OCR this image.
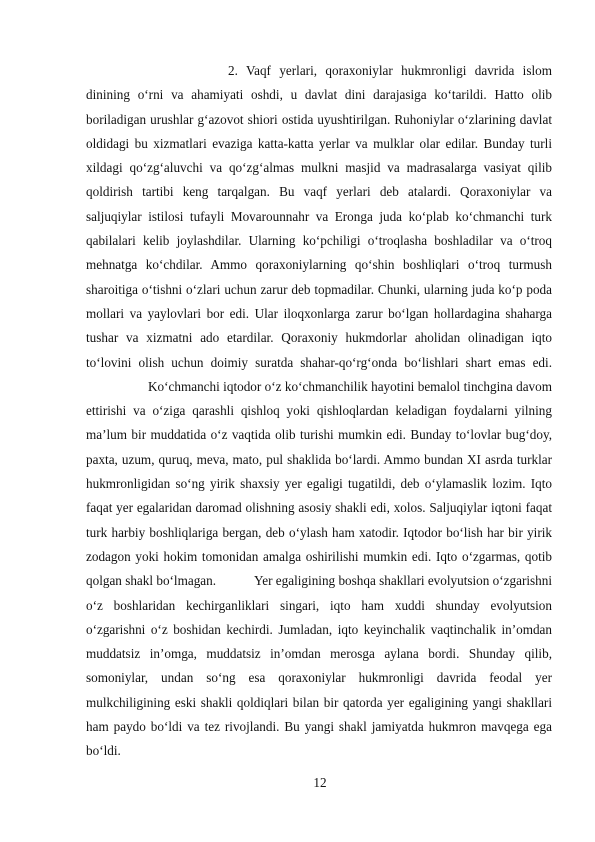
2. Vaqf yerlari, qoraxoniylar hukmronligi davrida islom dinining o‘rni va ahamiyati oshdi, u davlat dini darajasiga ko‘tarildi. Hatto olib boriladigan urushlar g‘azovot shiori ostida uyushtirilgan. Ruhoniylar o‘zlarining davlat oldidagi bu xizmatlari evaziga katta-katta yerlar va mulklar olar edilar. Bunday turli xildagi qo‘zg‘aluvchi va qo‘zg‘almas mulkni masjid va madrasalarga vasiyat qilib qoldirish tartibi keng tarqalgan. Bu vaqf yerlari deb atalardi. Qoraxoniylar va saljuqiylar istilosi tufayli Movarounnahr va Eronga juda ko‘plab ko‘chmanchi turk qabilalari kelib joylashdilar. Ularning ko‘pchiligi o‘troqlasha boshladilar va o‘troq mehnatga ko‘chdilar. Ammo qoraxoniylarning qo‘shin boshliqlari o‘troq turmush sharoitiga o‘tishni o‘zlari uchun zarur deb topmadilar. Chunki, ularning juda ko‘p poda mollari va yaylovlari bor edi. Ular iloqxonlarga zarur bo‘lgan hollardagina shaharga tushar va xizmatni ado etardilar. Qoraxoniy hukmdorlar aholidan olinadigan iqto to‘lovini olish uchun doimiy suratda shahar-qo‘rg‘onda bo‘lishlari shart emas edi.Ko‘chmanchi iqtodor o‘z ko‘chmanchilik hayotini bemalol tinchgina davom ettirishi va o‘ziga qarashli qishloq yoki qishloqlardan keladigan foydalarni yilning ma’lum bir muddatida o‘z vaqtida olib turishi mumkin edi. Bunday to‘lovlar bug‘doy, paxta, uzum, quruq, meva, mato, pul shaklida bo‘lardi. Ammo bundan XI asrda turklar hukmronligidan so‘ng yirik shaxsiy yer egaligi tugatildi, deb o‘ylamaslik lozim. Iqto faqat yer egalaridan daromad olishning asosiy shakli edi, xolos. Saljuqiylar iqtoni faqat turk harbiy boshliqlariga bergan, deb o‘ylash ham xatodir. Iqtodor bo‘lish har bir yirik zodagon yoki hokim tomonidan amalga oshirilishi mumkin edi. Iqto o‘zgarmas, qotib qolgan shakl bo‘lmagan.	Yer egaligining boshqa shakllari evolyutsion o‘zgarishni o‘z boshlaridan kechirganliklari singari, iqto ham xuddi shunday evolyutsion o‘zgarishni o‘z boshidan kechirdi. Jumladan, iqto keyinchalik vaqtinchalik in’omdan muddatsiz in’omga, muddatsiz in’omdan merosga aylana bordi. Shunday qilib, somoniylar, undan so‘ng esa qoraxoniylar hukmronligi davrida feodal yer mulkchiligining eski shakli qoldiqlari bilan bir qatorda yer egaligining yangi shakllari ham paydo bo‘ldi va tez rivojlandi. Bu yangi shakl jamiyatda hukmron mavqega ega bo‘ldi.

12
